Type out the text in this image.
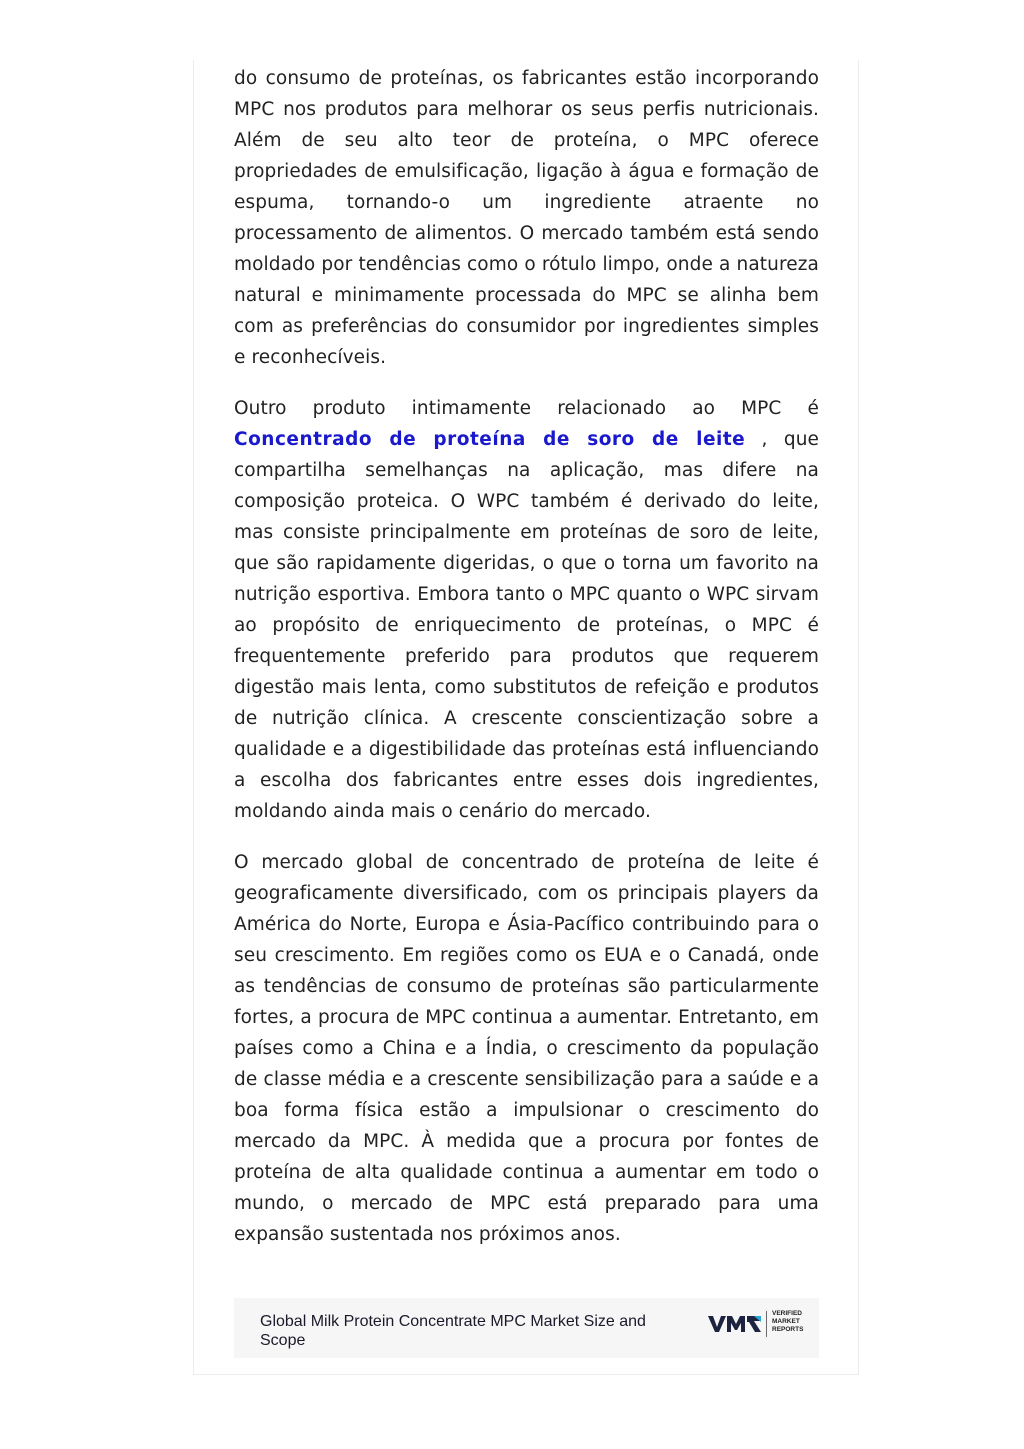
do consumo de proteínas, os fabricantes estão incorporando MPC nos produtos para melhorar os seus perfis nutricionais. Além de seu alto teor de proteína, o MPC oferece propriedades de emulsificação, ligação à água e formação de espuma, tornando-o um ingrediente atraente no processamento de alimentos. O mercado também está sendo moldado por tendências como o rótulo limpo, onde a natureza natural e minimamente processada do MPC se alinha bem com as preferências do consumidor por ingredientes simples e reconhecíveis.

Outro produto intimamente relacionado ao MPC é Concentrado de proteína de soro de leite , que compartilha semelhanças na aplicação, mas difere na composição proteica. O WPC também é derivado do leite, mas consiste principalmente em proteínas de soro de leite, que são rapidamente digeridas, o que o torna um favorito na nutrição esportiva. Embora tanto o MPC quanto o WPC sirvam ao propósito de enriquecimento de proteínas, o MPC é frequentemente preferido para produtos que requerem digestão mais lenta, como substitutos de refeição e produtos de nutrição clínica. A crescente conscientização sobre a qualidade e a digestibilidade das proteínas está influenciando a escolha dos fabricantes entre esses dois ingredientes, moldando ainda mais o cenário do mercado.

O mercado global de concentrado de proteína de leite é geograficamente diversificado, com os principais players da América do Norte, Europa e Ásia-Pacífico contribuindo para o seu crescimento. Em regiões como os EUA e o Canadá, onde as tendências de consumo de proteínas são particularmente fortes, a procura de MPC continua a aumentar. Entretanto, em países como a China e a Índia, o crescimento da população de classe média e a crescente sensibilização para a saúde e a boa forma física estão a impulsionar o crescimento do mercado da MPC. À medida que a procura por fontes de proteína de alta qualidade continua a aumentar em todo o mundo, o mercado de MPC está preparado para uma expansão sustentada nos próximos anos.

Global Milk Protein Concentrate MPC Market Size and Scope
VERIFIED
MARKET
REPORTS
